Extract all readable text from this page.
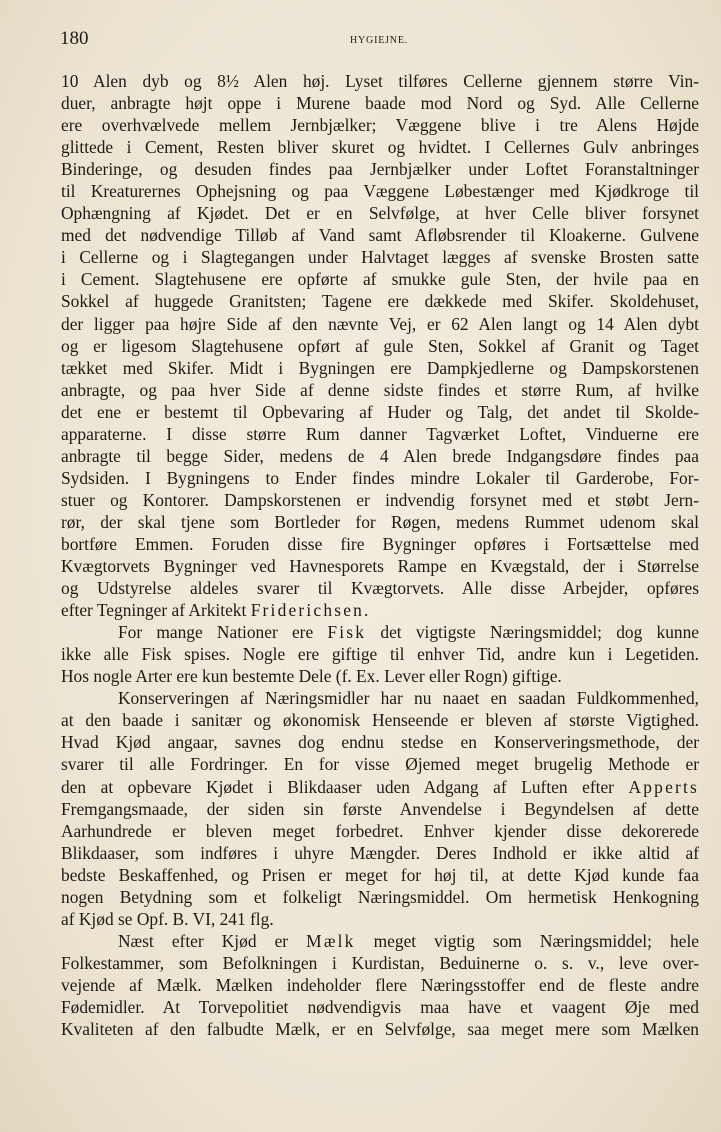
180	HYGIEJNE.
10 Alen dyb og 8½ Alen høj. Lyset tilføres Cellerne gjennem større Vin-
duer, anbragte højt oppe i Murene baade mod Nord og Syd. Alle Cellerne
ere overhvælvede mellem Jernbjælker; Væggene blive i tre Alens Højde
glittede i Cement, Resten bliver skuret og hvidtet. I Cellernes Gulv anbringes
Binderinge, og desuden findes paa Jernbjælker under Loftet Foranstaltninger
til Kreaturernes Ophejsning og paa Væggene Løbestænger med Kjødkroge til
Ophængning af Kjødet. Det er en Selvfølge, at hver Celle bliver forsynet
med det nødvendige Tilløb af Vand samt Afløbsrender til Kloakerne. Gulvene
i Cellerne og i Slagtegangen under Halvtaget lægges af svenske Brosten satte
i Cement. Slagtehusene ere opførte af smukke gule Sten, der hvile paa en
Sokkel af huggede Granitsten; Tagene ere dækkede med Skifer. Skoldehuset,
der ligger paa højre Side af den nævnte Vej, er 62 Alen langt og 14 Alen dybt
og er ligesom Slagtehusene opført af gule Sten, Sokkel af Granit og Taget
tækket med Skifer. Midt i Bygningen ere Dampkjedlerne og Dampskorstenen
anbragte, og paa hver Side af denne sidste findes et større Rum, af hvilke
det ene er bestemt til Opbevaring af Huder og Talg, det andet til Skolde-
apparaterne. I disse større Rum danner Tagværket Loftet, Vinduerne ere
anbragte til begge Sider, medens de 4 Alen brede Indgangsdøre findes paa
Sydsiden. I Bygningens to Ender findes mindre Lokaler til Garderobe, For-
stuer og Kontorer. Dampskorstenen er indvendig forsynet med et støbt Jern-
rør, der skal tjene som Bortleder for Røgen, medens Rummet udenom skal
bortføre Emmen. Foruden disse fire Bygninger opføres i Fortsættelse med
Kvægtorvets Bygninger ved Havnesporets Rampe en Kvægstald, der i Størrelse
og Udstyrelse aldeles svarer til Kvægtorvets. Alle disse Arbejder, opføres
efter Tegninger af Arkitekt Friderichsen.
For mange Nationer ere Fisk det vigtigste Næringsmiddel; dog kunne
ikke alle Fisk spises. Nogle ere giftige til enhver Tid, andre kun i Legetiden.
Hos nogle Arter ere kun bestemte Dele (f. Ex. Lever eller Rogn) giftige.
Konserveringen af Næringsmidler har nu naaet en saadan Fuldkommenhed,
at den baade i sanitær og økonomisk Henseende er bleven af største Vigtighed.
Hvad Kjød angaar, savnes dog endnu stedse en Konserveringsmethode, der
svarer til alle Fordringer. En for visse Øjemed meget brugelig Methode er
den at opbevare Kjødet i Blikdaaser uden Adgang af Luften efter Apperts
Fremgangsmaade, der siden sin første Anvendelse i Begyndelsen af dette
Aarhundrede er bleven meget forbedret. Enhver kjender disse dekorerede
Blikdaaser, som indføres i uhyre Mængder. Deres Indhold er ikke altid af
bedste Beskaffenhed, og Prisen er meget for høj til, at dette Kjød kunde faa
nogen Betydning som et folkeligt Næringsmiddel. Om hermetisk Henkogning
af Kjød se Opf. B. VI, 241 flg.
Næst efter Kjød er Mælk meget vigtig som Næringsmiddel; hele
Folkestammer, som Befolkningen i Kurdistan, Beduinerne o. s. v., leve over-
vejende af Mælk. Mælken indeholder flere Næringsstoffer end de fleste andre
Fødemidler. At Torvepolitiet nødvendigvis maa have et vaagent Øje med
Kvaliteten af den falbudte Mælk, er en Selvfølge, saa meget mere som Mælken
